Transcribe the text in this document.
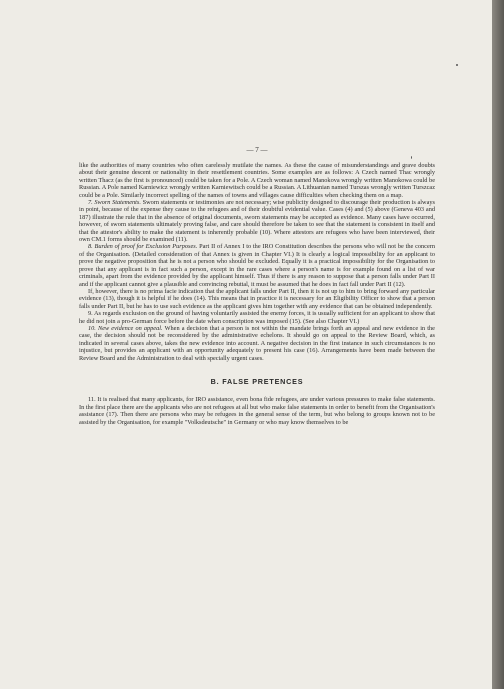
— 7 —

like the authorities of many countries who often carelessly mutilate the names. As these the cause of misunderstandings and grave doubts about their genuine descent or nationality in their resettlement countries. Some examples are as follows: A Czech named Thac wrongly written Thacz (as the first is pronounced) could be taken for a Pole. A Czech woman named Manokova wrongly written Manokowa could be Russian. A Pole named Karniewicz wrongly written Karniewitsch could be a Russian. A Lithuanian named Turszas wrongly written Turszcaz could be a Pole. Similarly incorrect spelling of the names of towns and villages cause difficulties when checking them on a map.

7. Sworn Statements. Sworn statements or testimonies are not necessary; wise publicity designed to discourage their production is always in point, because of the expense they cause to the refugees and of their doubtful evidential value. Cases (4) and (5) above (Geneva 403 and 187) illustrate the rule that in the absence of original documents, sworn statements may be accepted as evidence. Many cases have occurred, however, of sworn statements ultimately proving false, and care should therefore be taken to see that the statement is consistent in itself and that the attestor's ability to make the statement is inherently probable (10). Where attestors are refugees who have been interviewed, their own CM.1 forms should be examined (11).

8. Burden of proof for Exclusion Purposes. Part II of Annex I to the IRO Constitution describes the persons who will not be the concern of the Organisation. (Detailed consideration of that Annex is given in Chapter VI.) It is clearly a logical impossibility for an applicant to prove the negative proposition that he is not a person who should be excluded. Equally it is a practical impossibility for the Organisation to prove that any applicant is in fact such a person, except in the rare cases where a person's name is for example found on a list of war criminals, apart from the evidence provided by the applicant himself. Thus if there is any reason to suppose that a person falls under Part II and if the applicant cannot give a plausible and convincing rebuttal, it must be assumed that he does in fact fall under Part II (12).

If, however, there is no prima facie indication that the applicant falls under Part II, then it is not up to him to bring forward any particular evidence (13), though it is helpful if he does (14). This means that in practice it is necessary for an Eligibility Officer to show that a person falls under Part II, but he has to use such evidence as the applicant gives him together with any evidence that can be obtained independently.

9. As regards exclusion on the ground of having voluntarily assisted the enemy forces, it is usually sufficient for an applicant to show that he did not join a pro-German force before the date when conscription was imposed (15). (See also Chapter VI.)

10. New evidence on appeal. When a decision that a person is not within the mandate brings forth an appeal and new evidence in the case, the decision should not be reconsidered by the administrative echelons. It should go on appeal to the Review Board, which, as indicated in several cases above, takes the new evidence into account. A negative decision in the first instance in such circumstances is no injustice, but provides an applicant with an opportunity adequately to present his case (16). Arrangements have been made between the Review Board and the Administration to deal with specially urgent cases.

B. FALSE PRETENCES

11. It is realised that many applicants, for IRO assistance, even bona fide refugees, are under various pressures to make false statements. In the first place there are the applicants who are not refugees at all but who make false statements in order to benefit from the Organisation's assistance (17). Then there are persons who may be refugees in the general sense of the term, but who belong to groups known not to be assisted by the Organisation, for example "Volksdeutsche" in Germany or who may know themselves to be
